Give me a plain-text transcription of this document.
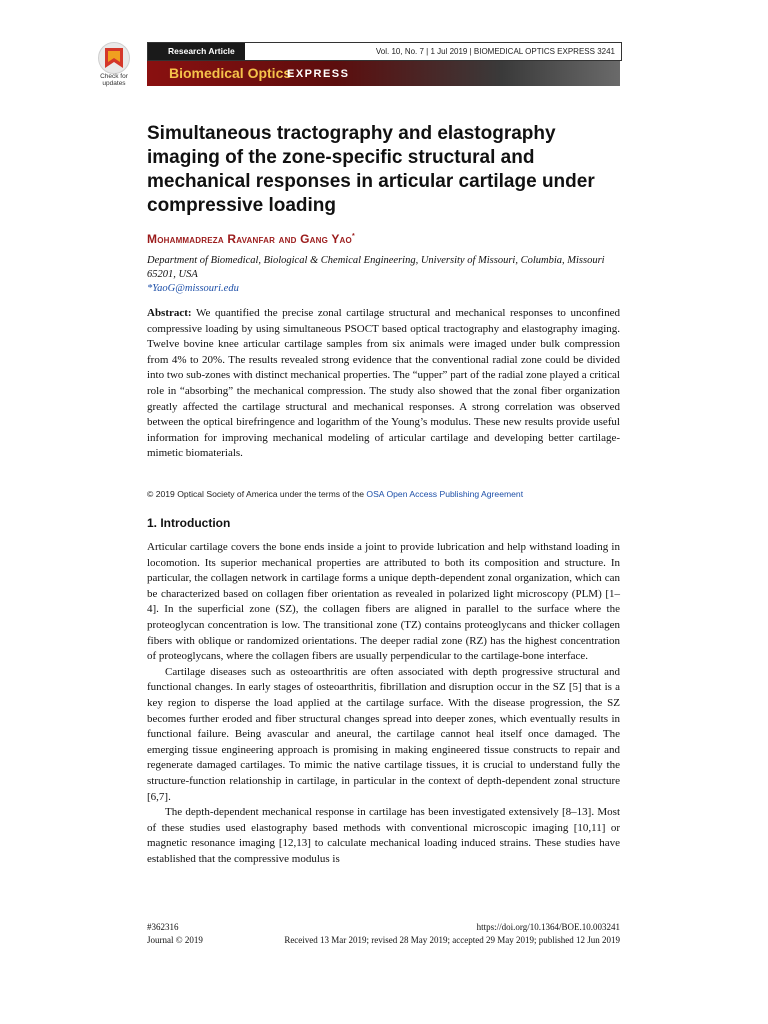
Check for updates
Research Article	Vol. 10, No. 7 | 1 Jul 2019 | BIOMEDICAL OPTICS EXPRESS 3241
Biomedical Optics
EXPRESS
Simultaneous tractography and elastography imaging of the zone-specific structural and mechanical responses in articular cartilage under compressive loading
Mohammadreza Ravanfar and Gang Yao*
Department of Biomedical, Biological & Chemical Engineering, University of Missouri, Columbia, Missouri 65201, USA
*YaoG@missouri.edu

Abstract: We quantified the precise zonal cartilage structural and mechanical responses to unconfined compressive loading by using simultaneous PSOCT based optical tractography and elastography imaging. Twelve bovine knee articular cartilage samples from six animals were imaged under bulk compression from 4% to 20%. The results revealed strong evidence that the conventional radial zone could be divided into two sub-zones with distinct mechanical properties. The “upper” part of the radial zone played a critical role in “absorbing” the mechanical compression. The study also showed that the zonal fiber organization greatly affected the cartilage structural and mechanical responses. A strong correlation was observed between the optical birefringence and logarithm of the Young’s modulus. These new results provide useful information for improving mechanical modeling of articular cartilage and developing better cartilage-mimetic biomaterials.

© 2019 Optical Society of America under the terms of the OSA Open Access Publishing Agreement

1. Introduction

Articular cartilage covers the bone ends inside a joint to provide lubrication and help withstand loading in locomotion. Its superior mechanical properties are attributed to both its composition and structure. In particular, the collagen network in cartilage forms a unique depth-dependent zonal organization, which can be characterized based on collagen fiber orientation as revealed in polarized light microscopy (PLM) [1–4]. In the superficial zone (SZ), the collagen fibers are aligned in parallel to the surface where the proteoglycan concentration is low. The transitional zone (TZ) contains proteoglycans and thicker collagen fibers with oblique or randomized orientations. The deeper radial zone (RZ) has the highest concentration of proteoglycans, where the collagen fibers are usually perpendicular to the cartilage-bone interface.

Cartilage diseases such as osteoarthritis are often associated with depth progressive structural and functional changes. In early stages of osteoarthritis, fibrillation and disruption occur in the SZ [5] that is a key region to disperse the load applied at the cartilage surface. With the disease progression, the SZ becomes further eroded and fiber structural changes spread into deeper zones, which eventually results in functional failure. Being avascular and aneural, the cartilage cannot heal itself once damaged. The emerging tissue engineering approach is promising in making engineered tissue constructs to repair and regenerate damaged cartilages. To mimic the native cartilage tissues, it is crucial to understand fully the structure-function relationship in cartilage, in particular in the context of depth-dependent zonal structure [6,7].

The depth-dependent mechanical response in cartilage has been investigated extensively [8–13]. Most of these studies used elastography based methods with conventional microscopic imaging [10,11] or magnetic resonance imaging [12,13] to calculate mechanical loading induced strains. These studies have established that the compressive modulus is

#362316	https://doi.org/10.1364/BOE.10.003241
Journal © 2019	Received 13 Mar 2019; revised 28 May 2019; accepted 29 May 2019; published 12 Jun 2019
